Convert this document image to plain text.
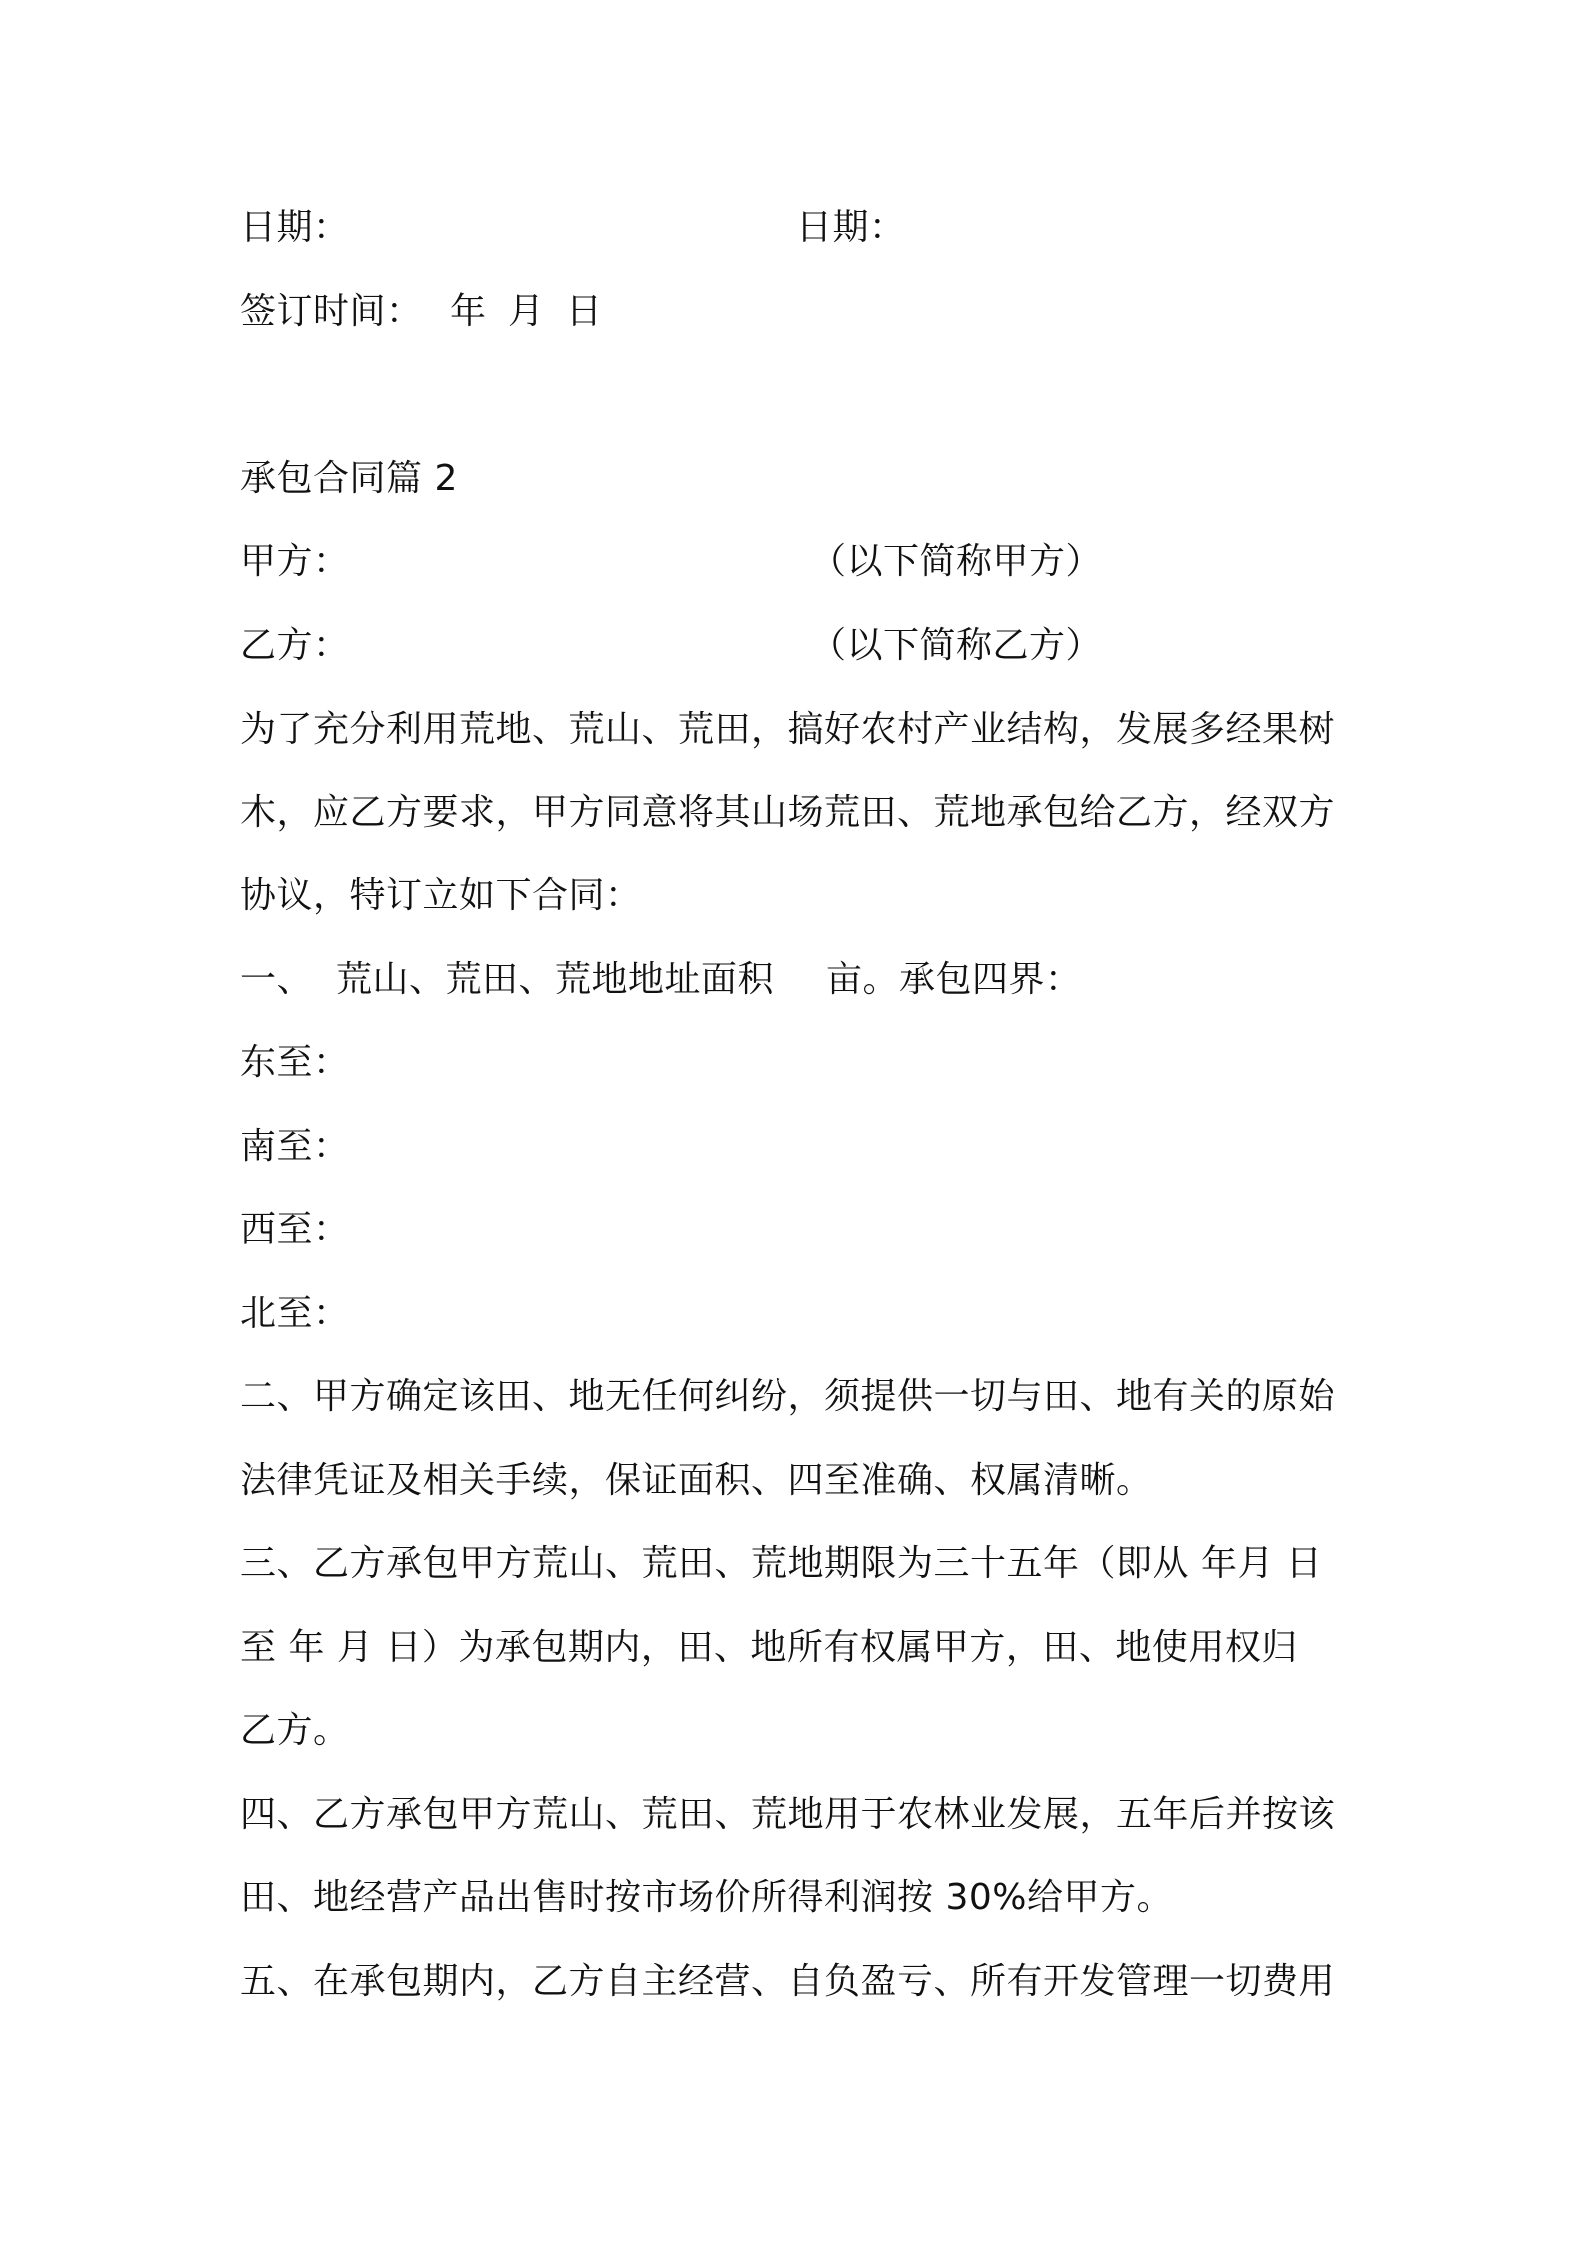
日期：	日期：
签订时间： 年 月 日
承包合同篇 2
甲方：	（以下简称甲方）
乙方：	（以下简称乙方）
为了充分利用荒地、荒山、荒田，搞好农村产业结构，发展多经果树
木，应乙方要求，甲方同意将其山场荒田、荒地承包给乙方，经双方
协议，特订立如下合同：
一、 荒山、荒田、荒地地址面积 亩。承包四界：
东至：
南至：
西至：
北至：
二、甲方确定该田、地无任何纠纷，须提供一切与田、地有关的原始
法律凭证及相关手续，保证面积、四至准确、权属清晰。
三、乙方承包甲方荒山、荒田、荒地期限为三十五年（即从 年月 日
至 年 月 日）为承包期内，田、地所有权属甲方，田、地使用权归
乙方。
四、乙方承包甲方荒山、荒田、荒地用于农林业发展，五年后并按该
田、地经营产品出售时按市场价所得利润按 30%给甲方。
五、在承包期内，乙方自主经营、自负盈亏、所有开发管理一切费用
